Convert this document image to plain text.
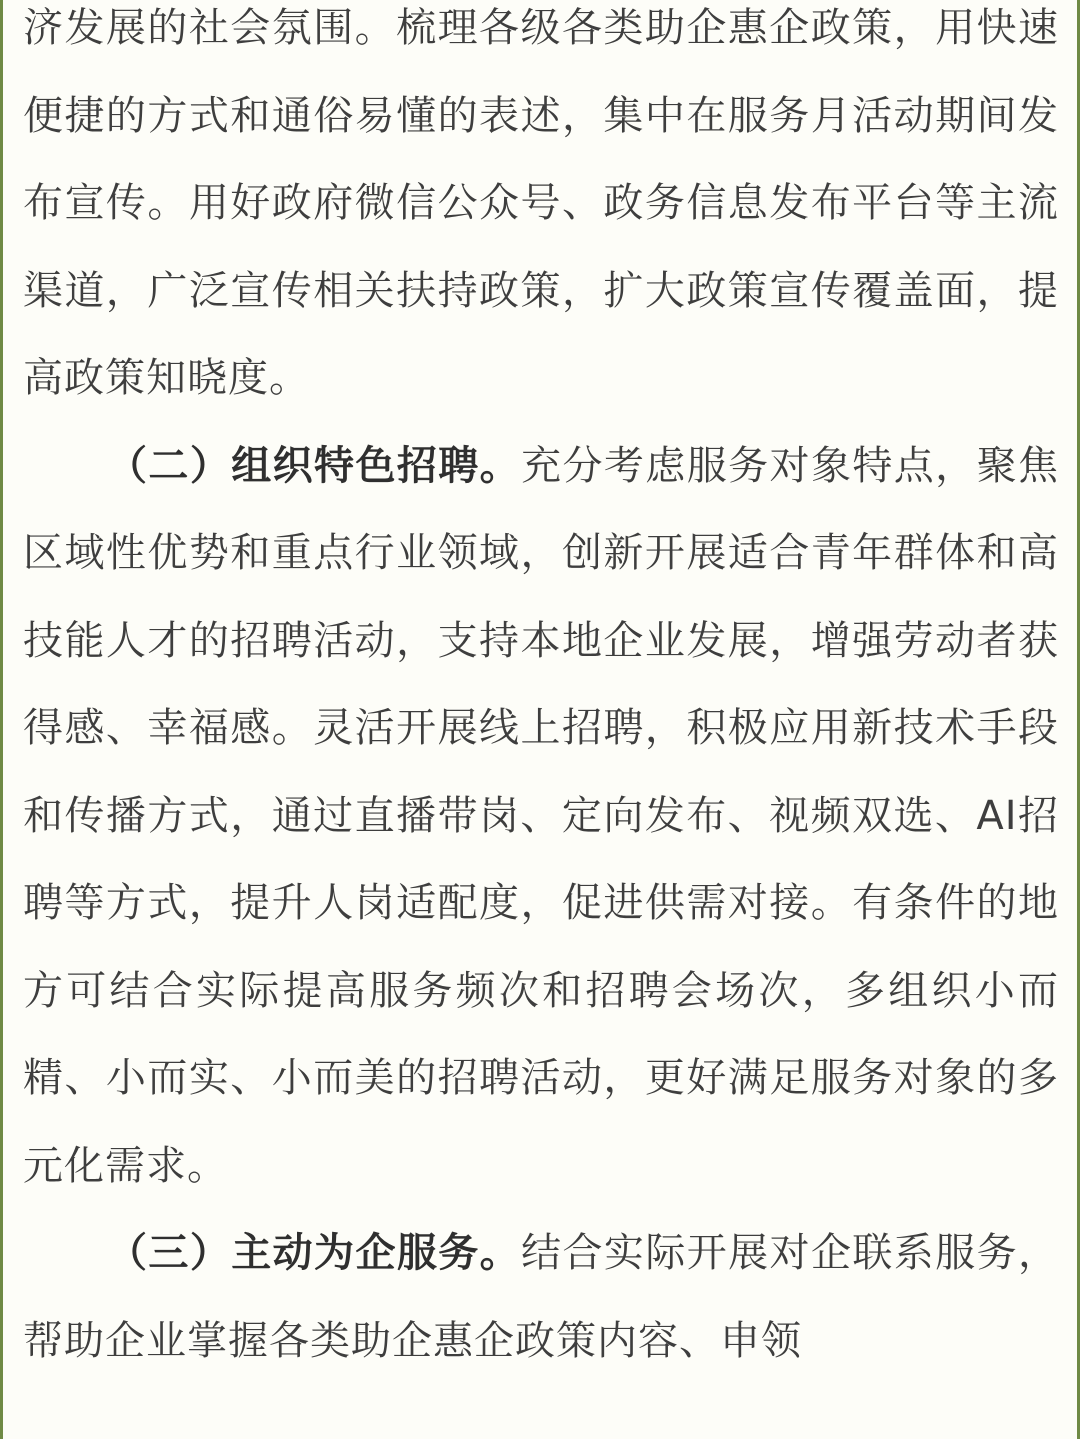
济发展的社会氛围。梳理各级各类助企惠企政策，用快速便捷的方式和通俗易懂的表述，集中在服务月活动期间发布宣传。用好政府微信公众号、政务信息发布平台等主流渠道，广泛宣传相关扶持政策，扩大政策宣传覆盖面，提高政策知晓度。

（二）组织特色招聘。充分考虑服务对象特点，聚焦区域性优势和重点行业领域，创新开展适合青年群体和高技能人才的招聘活动，支持本地企业发展，增强劳动者获得感、幸福感。灵活开展线上招聘，积极应用新技术手段和传播方式，通过直播带岗、定向发布、视频双选、AI招聘等方式，提升人岗适配度，促进供需对接。有条件的地方可结合实际提高服务频次和招聘会场次，多组织小而精、小而实、小而美的招聘活动，更好满足服务对象的多元化需求。

（三）主动为企服务。结合实际开展对企联系服务，帮助企业掌握各类助企惠企政策内容、申领
